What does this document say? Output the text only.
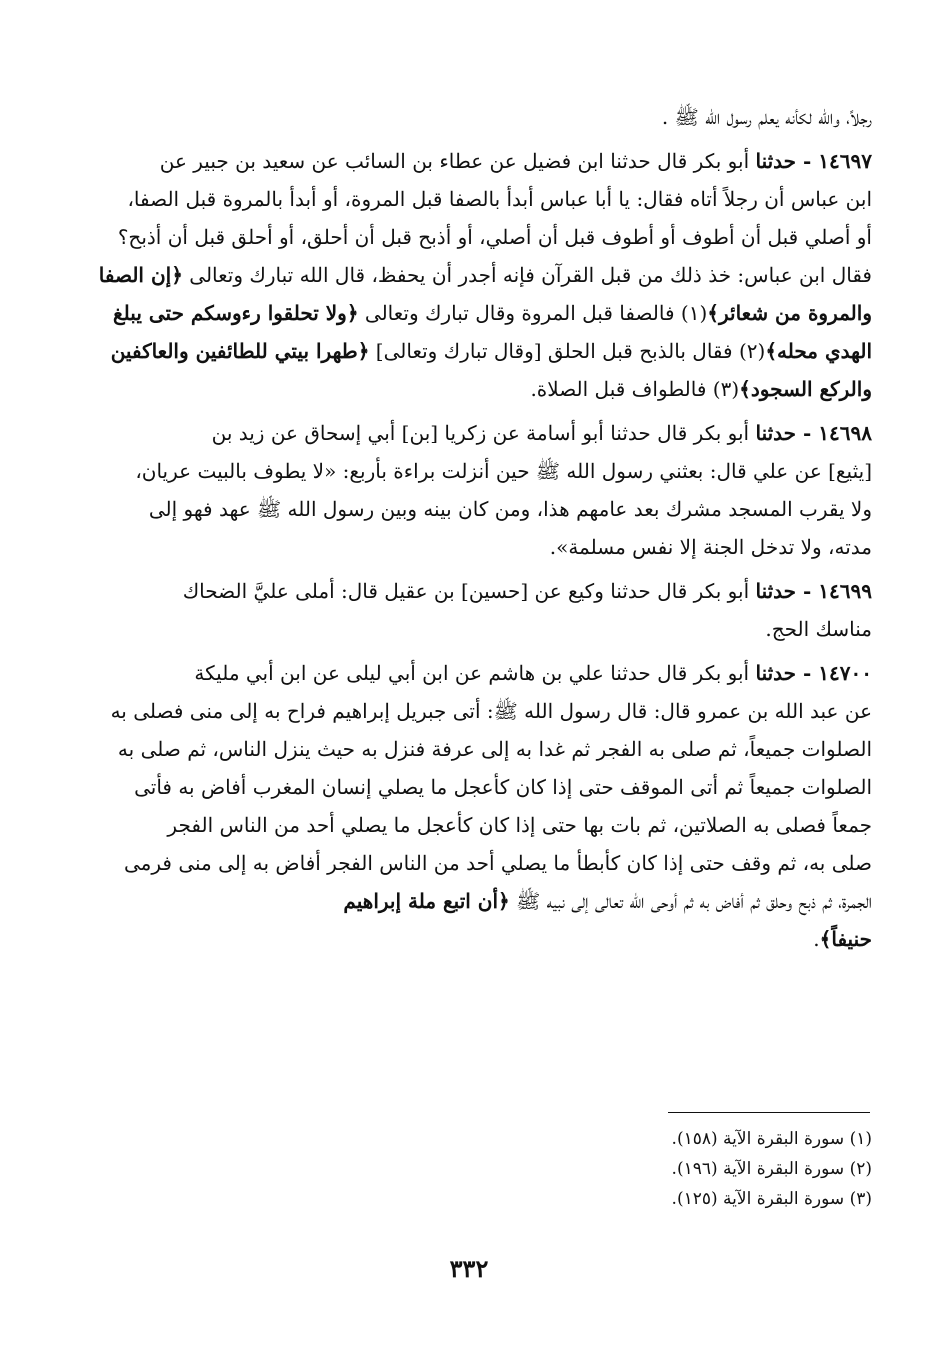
رجلاً، والله لكأنه يعلم رسول الله ﷺ .
١٤٦٩٧ - حدثنا أبو بكر قال حدثنا ابن فضيل عن عطاء بن السائب عن سعيد بن جبير عن
ابن عباس أن رجلاً أتاه فقال: يا أبا عباس أبدأ بالصفا قبل المروة، أو أبدأ بالمروة قبل الصفا،
أو أصلي قبل أن أطوف أو أطوف قبل أن أصلي، أو أذبح قبل أن أحلق، أو أحلق قبل أن أذبح؟
فقال ابن عباس: خذ ذلك من قبل القرآن فإنه أجدر أن يحفظ، قال الله تبارك وتعالى ﴿إن الصفا
والمروة من شعائر﴾(١) فالصفا قبل المروة وقال تبارك وتعالى ﴿ولا تحلقوا رءوسكم حتى يبلغ
الهدي محله﴾(٢) فقال بالذبح قبل الحلق [وقال تبارك وتعالى] ﴿طهرا بيتي للطائفين والعاكفين
والركع السجود﴾(٣) فالطواف قبل الصلاة.
١٤٦٩٨ - حدثنا أبو بكر قال حدثنا أبو أسامة عن زكريا [بن] أبي إسحاق عن زيد بن
[يثيع] عن علي قال: بعثني رسول الله ﷺ حين أنزلت براءة بأربع: «لا يطوف بالبيت عريان،
ولا يقرب المسجد مشرك بعد عامهم هذا، ومن كان بينه وبين رسول الله ﷺ عهد فهو إلى
مدته، ولا تدخل الجنة إلا نفس مسلمة».
١٤٦٩٩ - حدثنا أبو بكر قال حدثنا وكيع عن [حسين] بن عقيل قال: أملى عليَّ الضحاك
مناسك الحج.
١٤٧٠٠ - حدثنا أبو بكر قال حدثنا علي بن هاشم عن ابن أبي ليلى عن ابن أبي مليكة
عن عبد الله بن عمرو قال: قال رسول الله ﷺ: أتى جبريل إبراهيم فراح به إلى منى فصلى به
الصلوات جميعاً، ثم صلى به الفجر ثم غدا به إلى عرفة فنزل به حيث ينزل الناس، ثم صلى به
الصلوات جميعاً ثم أتى الموقف حتى إذا كان كأعجل ما يصلي إنسان المغرب أفاض به فأتى
جمعاً فصلى به الصلاتين، ثم بات بها حتى إذا كان كأعجل ما يصلي أحد من الناس الفجر
صلى به، ثم وقف حتى إذا كان كأبطأ ما يصلي أحد من الناس الفجر أفاض به إلى منى فرمى
الجمرة، ثم ذبح وحلق ثم أفاض به ثم أوحى الله تعالى إلى نبيه ﷺ ﴿أن اتبع ملة إبراهيم
حنيفاً﴾.
(١) سورة البقرة الآية (١٥٨).
(٢) سورة البقرة الآية (١٩٦).
(٣) سورة البقرة الآية (١٢٥).
٣٣٢
